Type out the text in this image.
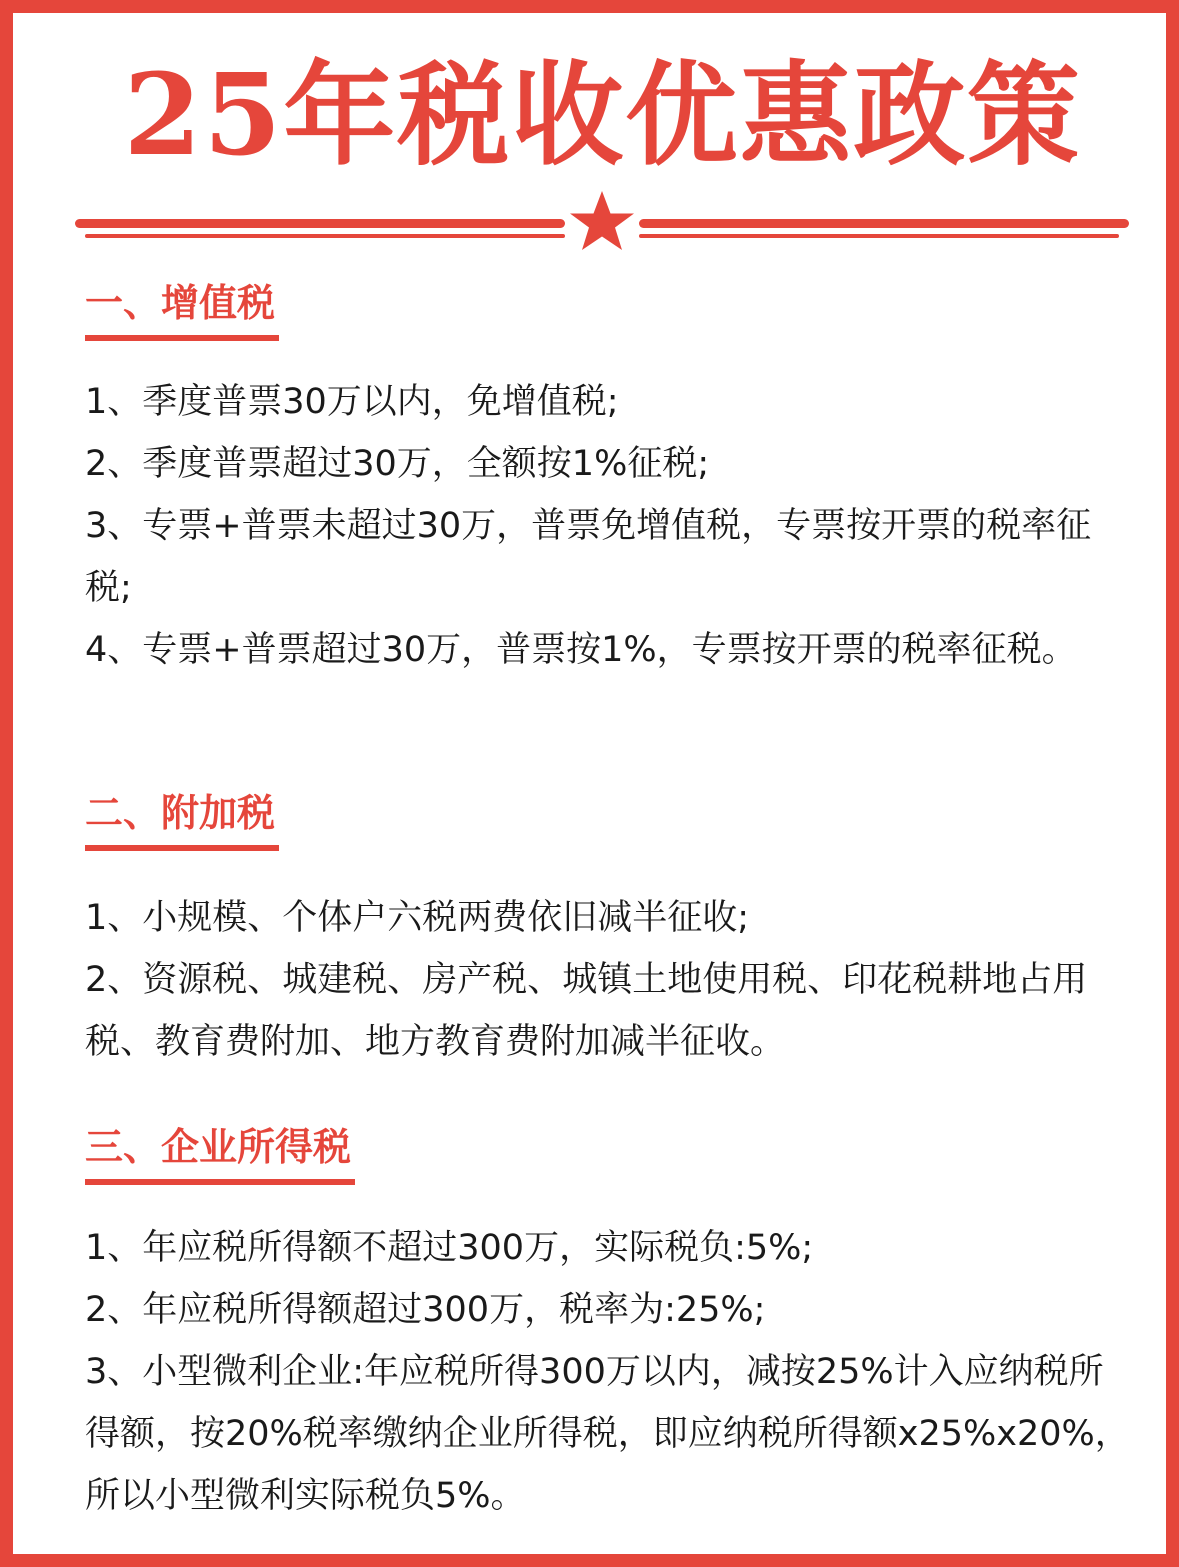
25年税收优惠政策
一、增值税

1、季度普票30万以内，免增值税;

2、季度普票超过30万，全额按1%征税;

3、专票+普票未超过30万，普票免增值税，专票按开票的税率征税;

4、专票+普票超过30万，普票按1%，专票按开票的税率征税。

二、附加税

1、小规模、个体户六税两费依旧减半征收;

2、资源税、城建税、房产税、城镇土地使用税、印花税耕地占用税、教育费附加、地方教育费附加减半征收。

三、企业所得税

1、年应税所得额不超过300万，实际税负:5%;

2、年应税所得额超过300万，税率为:25%;

3、小型微利企业:年应税所得300万以内，减按25%计入应纳税所得额，按20%税率缴纳企业所得税，即应纳税所得额x25%x20%，所以小型微利实际税负5%。
